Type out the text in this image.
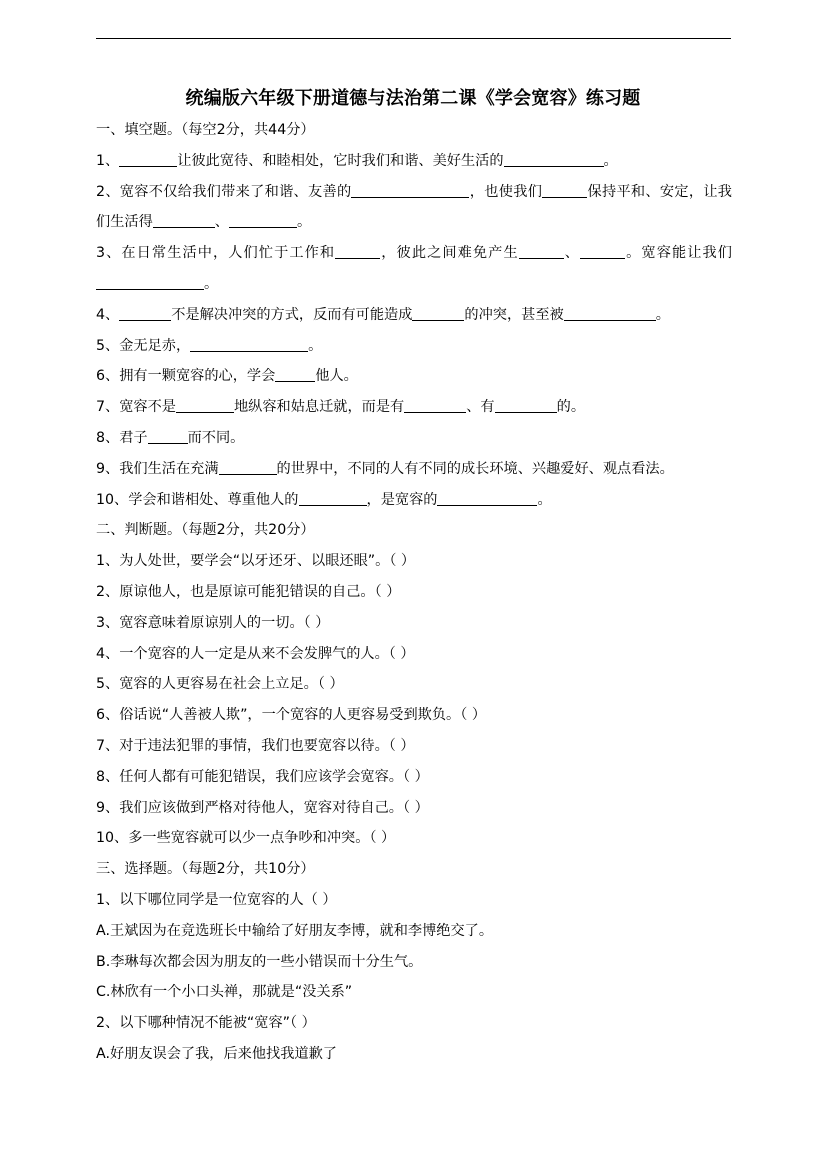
统编版六年级下册道德与法治第二课《学会宽容》练习题
一、填空题。（每空2分，共44分）
1、	让彼此宽待、和睦相处，它时我们和谐、美好生活的	。
2、宽容不仅给我们带来了和谐、友善的	，也使我们	保持平和、安定，让我们生活得	、	。
3、在日常生活中，人们忙于工作和	，彼此之间难免产生	、	。宽容能让我们。
4、	不是解决冲突的方式，反而有可能造成	的冲突，甚至被	。
5、金无足赤，	。
6、拥有一颗宽容的心，学会	他人。
7、宽容不是	地纵容和姑息迁就，而是有	、有	的。
8、君子	而不同。
9、我们生活在充满	的世界中，不同的人有不同的成长环境、兴趣爱好、观点看法。
10、学会和谐相处、尊重他人的	，是宽容的	。
二、判断题。（每题2分，共20分）
1、为人处世，要学会“以牙还牙、以眼还眼”。（ ）
2、原谅他人，也是原谅可能犯错误的自己。（ ）
3、宽容意味着原谅别人的一切。（ ）
4、一个宽容的人一定是从来不会发脾气的人。（ ）
5、宽容的人更容易在社会上立足。（ ）
6、俗话说“人善被人欺”，一个宽容的人更容易受到欺负。（ ）
7、对于违法犯罪的事情，我们也要宽容以待。（ ）
8、任何人都有可能犯错误，我们应该学会宽容。（ ）
9、我们应该做到严格对待他人，宽容对待自己。（ ）
10、多一些宽容就可以少一点争吵和冲突。（ ）
三、选择题。（每题2分，共10分）
1、以下哪位同学是一位宽容的人（ ）
A.王斌因为在竞选班长中输给了好朋友李博，就和李博绝交了。
B.李琳每次都会因为朋友的一些小错误而十分生气。
C.林欣有一个小口头禅，那就是“没关系”
2、以下哪种情况不能被“宽容”（ ）
A.好朋友误会了我，后来他找我道歉了
